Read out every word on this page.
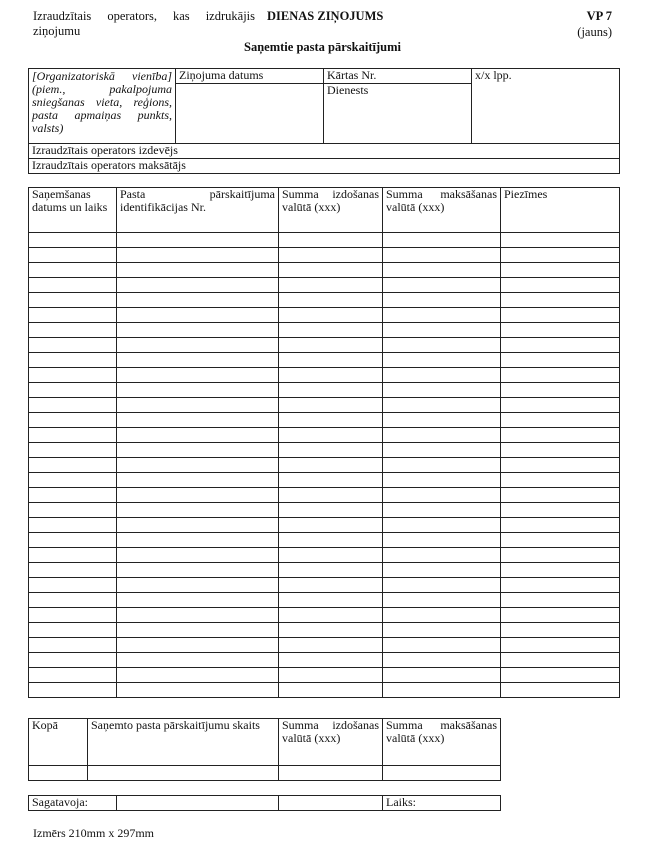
Izraudzītais operators, kas izdrukājis
ziņojumu
DIENAS ZIŅOJUMS	VP 7
(jauns)
Saņemtie pasta pārskaitījumi
[Organizatoriskā vienība] (piem., pakalpojuma sniegšanas vieta, reģions, pasta apmaiņas punkts, valsts)	Ziņojuma datums	Kārtas Nr.	x/x lpp.
		Dienests	
Izraudzītais operators izdevējs			
Izraudzītais operators maksātājs			
Saņemšanas datums un laiks	Pasta pārskaitījuma identifikācijas Nr.	Summa izdošanas valūtā (xxx)	Summa maksāšanas valūtā (xxx)	Piezīmes

Kopā	Saņemto pasta pārskaitījumu skaits	Summa izdošanas valūtā (xxx)	Summa maksāšanas valūtā (xxx)

Sagatavoja:			Laiks:
Izmērs 210mm x 297mm
